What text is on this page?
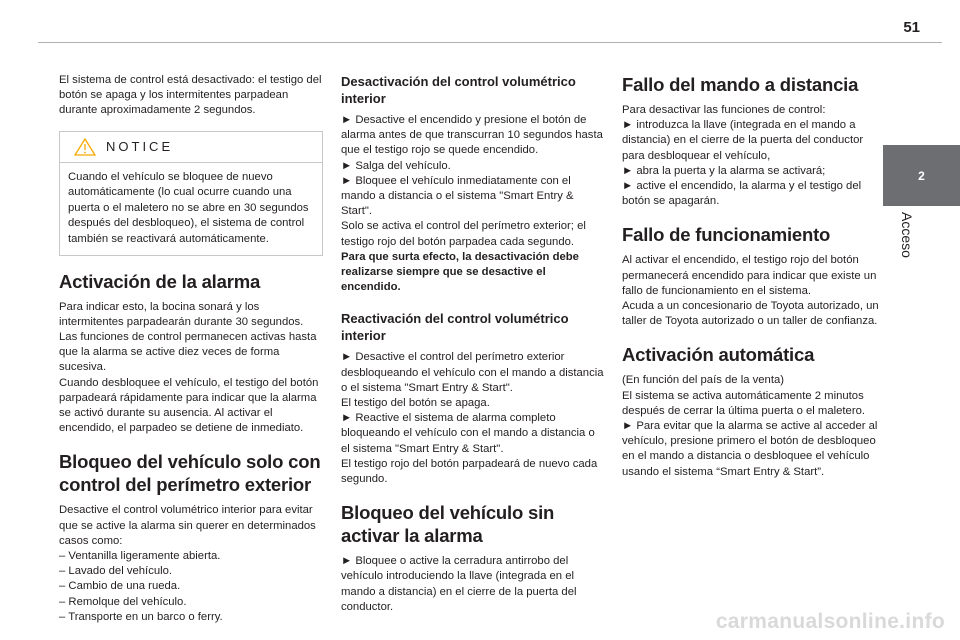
51
2
Acceso

El sistema de control está desactivado: el testigo del botón se apaga y los intermitentes parpadean durante aproximadamente 2 segundos.

NOTICE
Cuando el vehículo se bloquee de nuevo automáticamente (lo cual ocurre cuando una puerta o el maletero no se abre en 30 segundos después del desbloqueo), el sistema de control también se reactivará automáticamente.
Activación de la alarma

Para indicar esto, la bocina sonará y los intermitentes parpadearán durante 30 segundos.
Las funciones de control permanecen activas hasta que la alarma se active diez veces de forma sucesiva.
Cuando desbloquee el vehículo, el testigo del botón parpadeará rápidamente para indicar que la alarma se activó durante su ausencia. Al activar el encendido, el parpadeo se detiene de inmediato.

Bloqueo del vehículo solo con control del perímetro exterior

Desactive el control volumétrico interior para evitar que se active la alarma sin querer en determinados casos como:

– Ventanilla ligeramente abierta.
– Lavado del vehículo.
– Cambio de una rueda.
– Remolque del vehículo.
– Transporte en un barco o ferry.
Desactivación del control volumétrico interior

► Desactive el encendido y presione el botón de alarma antes de que transcurran 10 segundos hasta que el testigo rojo se quede encendido.
► Salga del vehículo.
► Bloquee el vehículo inmediatamente con el mando a distancia o el sistema "Smart Entry & Start".
Solo se activa el control del perímetro exterior; el testigo rojo del botón parpadea cada segundo.

Para que surta efecto, la desactivación debe realizarse siempre que se desactive el encendido.

Reactivación del control volumétrico interior

► Desactive el control del perímetro exterior desbloqueando el vehículo con el mando a distancia o el sistema "Smart Entry & Start".
El testigo del botón se apaga.
► Reactive el sistema de alarma completo bloqueando el vehículo con el mando a distancia o el sistema "Smart Entry & Start".
El testigo rojo del botón parpadeará de nuevo cada segundo.

Bloqueo del vehículo sin activar la alarma

► Bloquee o active la cerradura antirrobo del vehículo introduciendo la llave (integrada en el mando a distancia) en el cierre de la puerta del conductor.

Fallo del mando a distancia

Para desactivar las funciones de control:
► introduzca la llave (integrada en el mando a distancia) en el cierre de la puerta del conductor para desbloquear el vehículo,
► abra la puerta y la alarma se activará;
► active el encendido, la alarma y el testigo del botón se apagarán.

Fallo de funcionamiento

Al activar el encendido, el testigo rojo del botón permanecerá encendido para indicar que existe un fallo de funcionamiento en el sistema.
Acuda a un concesionario de Toyota autorizado, un taller de Toyota autorizado o un taller de confianza.

Activación automática

(En función del país de la venta)
El sistema se activa automáticamente 2 minutos después de cerrar la última puerta o el maletero.
► Para evitar que la alarma se active al acceder al vehículo, presione primero el botón de desbloqueo en el mando a distancia o desbloquee el vehículo usando el sistema “Smart Entry & Start”.

carmanualsonline.info
